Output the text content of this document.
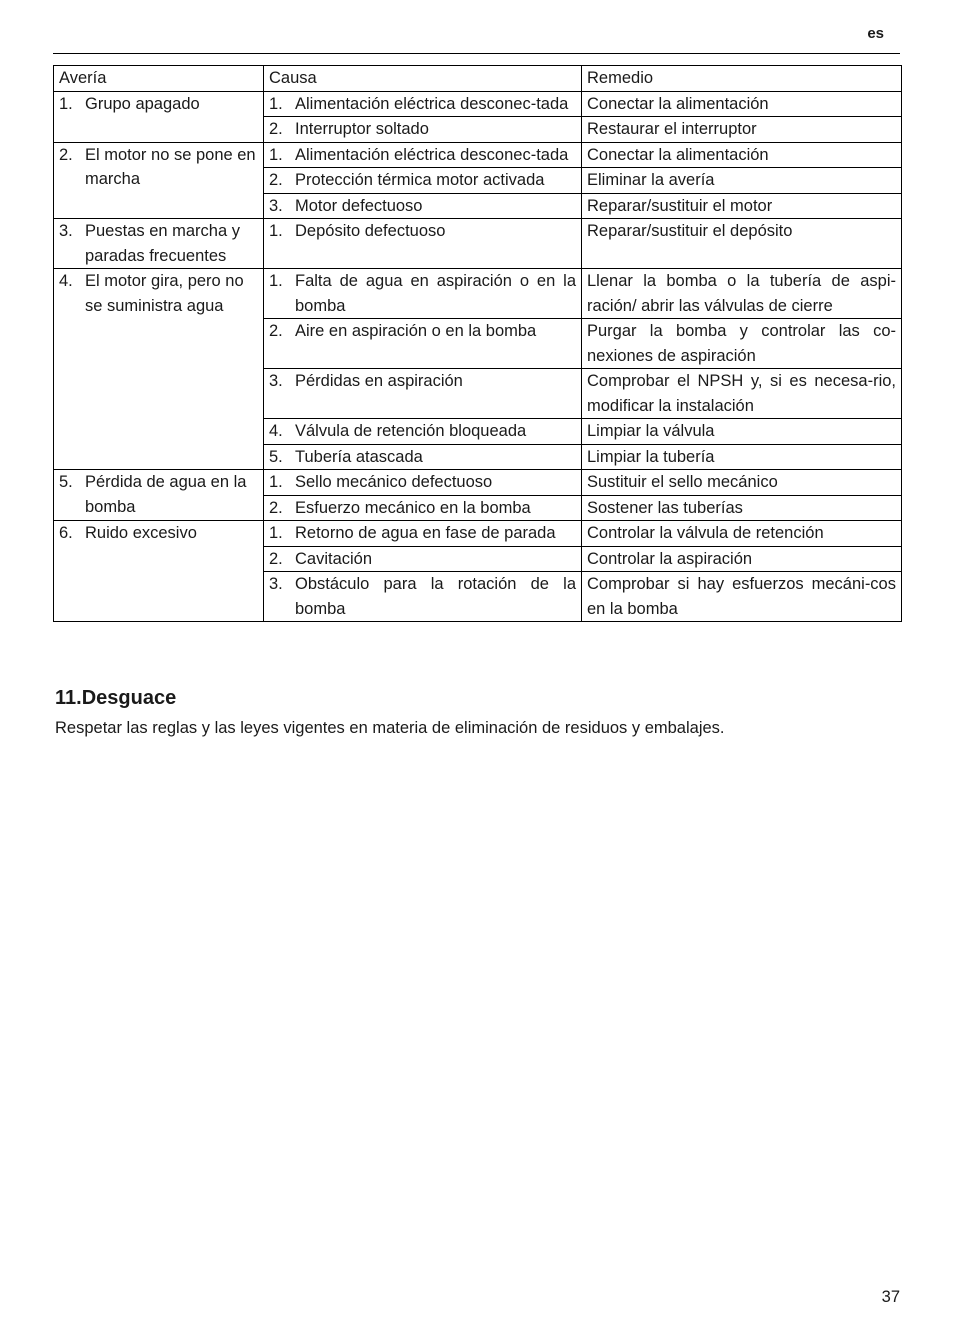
es
Avería	Causa	Remedio

1. Grupo apagado	1. Alimentación eléctrica desconec-tada	Conectar la alimentación

	2. Interruptor soltado	Restaurar el interruptor

2. El motor no se pone en marcha	1. Alimentación eléctrica desconec-tada	Conectar la alimentación

	2. Protección térmica motor activada	Eliminar la avería

	3. Motor defectuoso	Reparar/sustituir el motor

3. Puestas en marcha y paradas frecuentes	1. Depósito defectuoso	Reparar/sustituir el depósito

4. El motor gira, pero no se suministra agua	1. Falta de agua en aspiración o en la bomba	Llenar la bomba o la tubería de aspi-ración/ abrir las válvulas de cierre

	2. Aire en aspiración o en la bomba	Purgar la bomba y controlar las co-nexiones de aspiración

	3. Pérdidas en aspiración	Comprobar el NPSH y, si es necesa-rio, modificar la instalación

	4. Válvula de retención bloqueada	Limpiar la válvula

	5. Tubería atascada	Limpiar la tubería

5. Pérdida de agua en la bomba	1. Sello mecánico defectuoso	Sustituir el sello mecánico

	2. Esfuerzo mecánico en la bomba	Sostener las tuberías

6. Ruido excesivo	1. Retorno de agua en fase de parada	Controlar la válvula de retención

	2. Cavitación	Controlar la aspiración

	3. Obstáculo para la rotación de la bomba	Comprobar si hay esfuerzos mecáni-cos en la bomba
11.Desguace

Respetar las reglas y las leyes vigentes en materia de eliminación de residuos y embalajes.

37
